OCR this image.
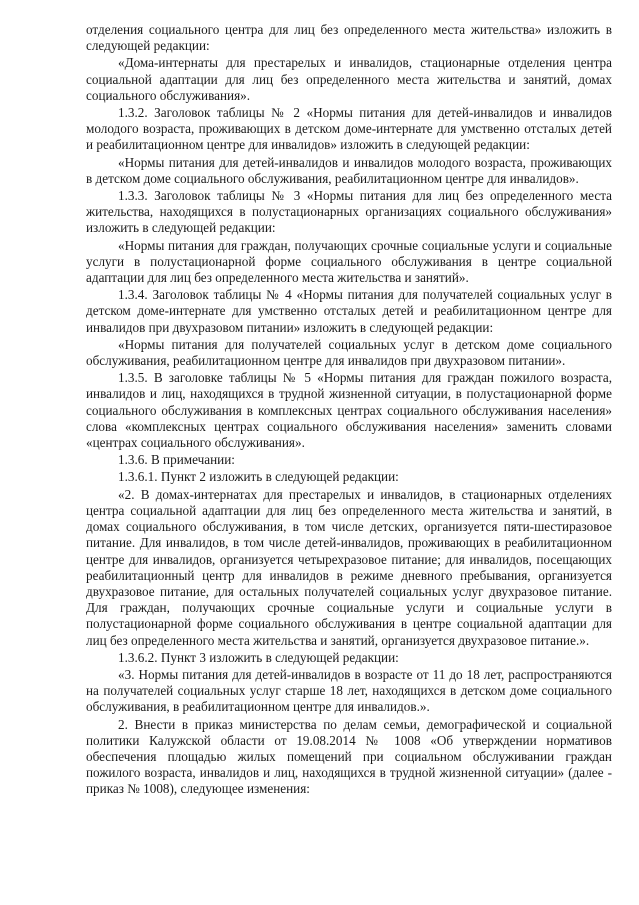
отделения социального центра для лиц без определенного места жительства» изложить в следующей редакции:

«Дома-интернаты для престарелых и инвалидов, стационарные отделения центра социальной адаптации для лиц без определенного места жительства и занятий, домах социального обслуживания».

1.3.2. Заголовок таблицы № 2 «Нормы питания для детей-инвалидов и инвалидов молодого возраста, проживающих в детском доме-интернате для умственно отсталых детей и реабилитационном центре для инвалидов» изложить в следующей редакции:

«Нормы питания для детей-инвалидов и инвалидов молодого возраста, проживающих в детском доме социального обслуживания, реабилитационном центре для инвалидов».

1.3.3. Заголовок таблицы № 3 «Нормы питания для лиц без определенного места жительства, находящихся в полустационарных организациях социального обслуживания» изложить в следующей редакции:

«Нормы питания для граждан, получающих срочные социальные услуги и социальные услуги в полустационарной форме социального обслуживания в центре социальной адаптации для лиц без определенного места жительства и занятий».

1.3.4. Заголовок таблицы № 4 «Нормы питания для получателей социальных услуг в детском доме-интернате для умственно отсталых детей и реабилитационном центре для инвалидов при двухразовом питании» изложить в следующей редакции:

«Нормы питания для получателей социальных услуг в детском доме социального обслуживания, реабилитационном центре для инвалидов при двухразовом питании».

1.3.5. В заголовке таблицы № 5 «Нормы питания для граждан пожилого возраста, инвалидов и лиц, находящихся в трудной жизненной ситуации, в полустационарной форме социального обслуживания в комплексных центрах социального обслуживания населения» слова «комплексных центрах социального обслуживания населения» заменить словами «центрах социального обслуживания».

1.3.6. В примечании:

1.3.6.1. Пункт 2 изложить в следующей редакции:

«2. В домах-интернатах для престарелых и инвалидов, в стационарных отделениях центра социальной адаптации для лиц без определенного места жительства и занятий, в домах социального обслуживания, в том числе детских, организуется пяти-шестиразовое питание. Для инвалидов, в том числе детей-инвалидов, проживающих в реабилитационном центре для инвалидов, организуется четырехразовое питание; для инвалидов, посещающих реабилитационный центр для инвалидов в режиме дневного пребывания, организуется двухразовое питание, для остальных получателей социальных услуг двухразовое питание. Для граждан, получающих срочные социальные услуги и социальные услуги в полустационарной форме социального обслуживания в центре социальной адаптации для лиц без определенного места жительства и занятий, организуется двухразовое питание.».

1.3.6.2. Пункт 3 изложить в следующей редакции:

«3. Нормы питания для детей-инвалидов в возрасте от 11 до 18 лет, распространяются на получателей социальных услуг старше 18 лет, находящихся в детском доме социального обслуживания, в реабилитационном центре для инвалидов.».

2. Внести в приказ министерства по делам семьи, демографической и социальной политики Калужской области от 19.08.2014 № 1008 «Об утверждении нормативов обеспечения площадью жилых помещений при социальном обслуживании граждан пожилого возраста, инвалидов и лиц, находящихся в трудной жизненной ситуации» (далее - приказ № 1008), следующее изменения:
